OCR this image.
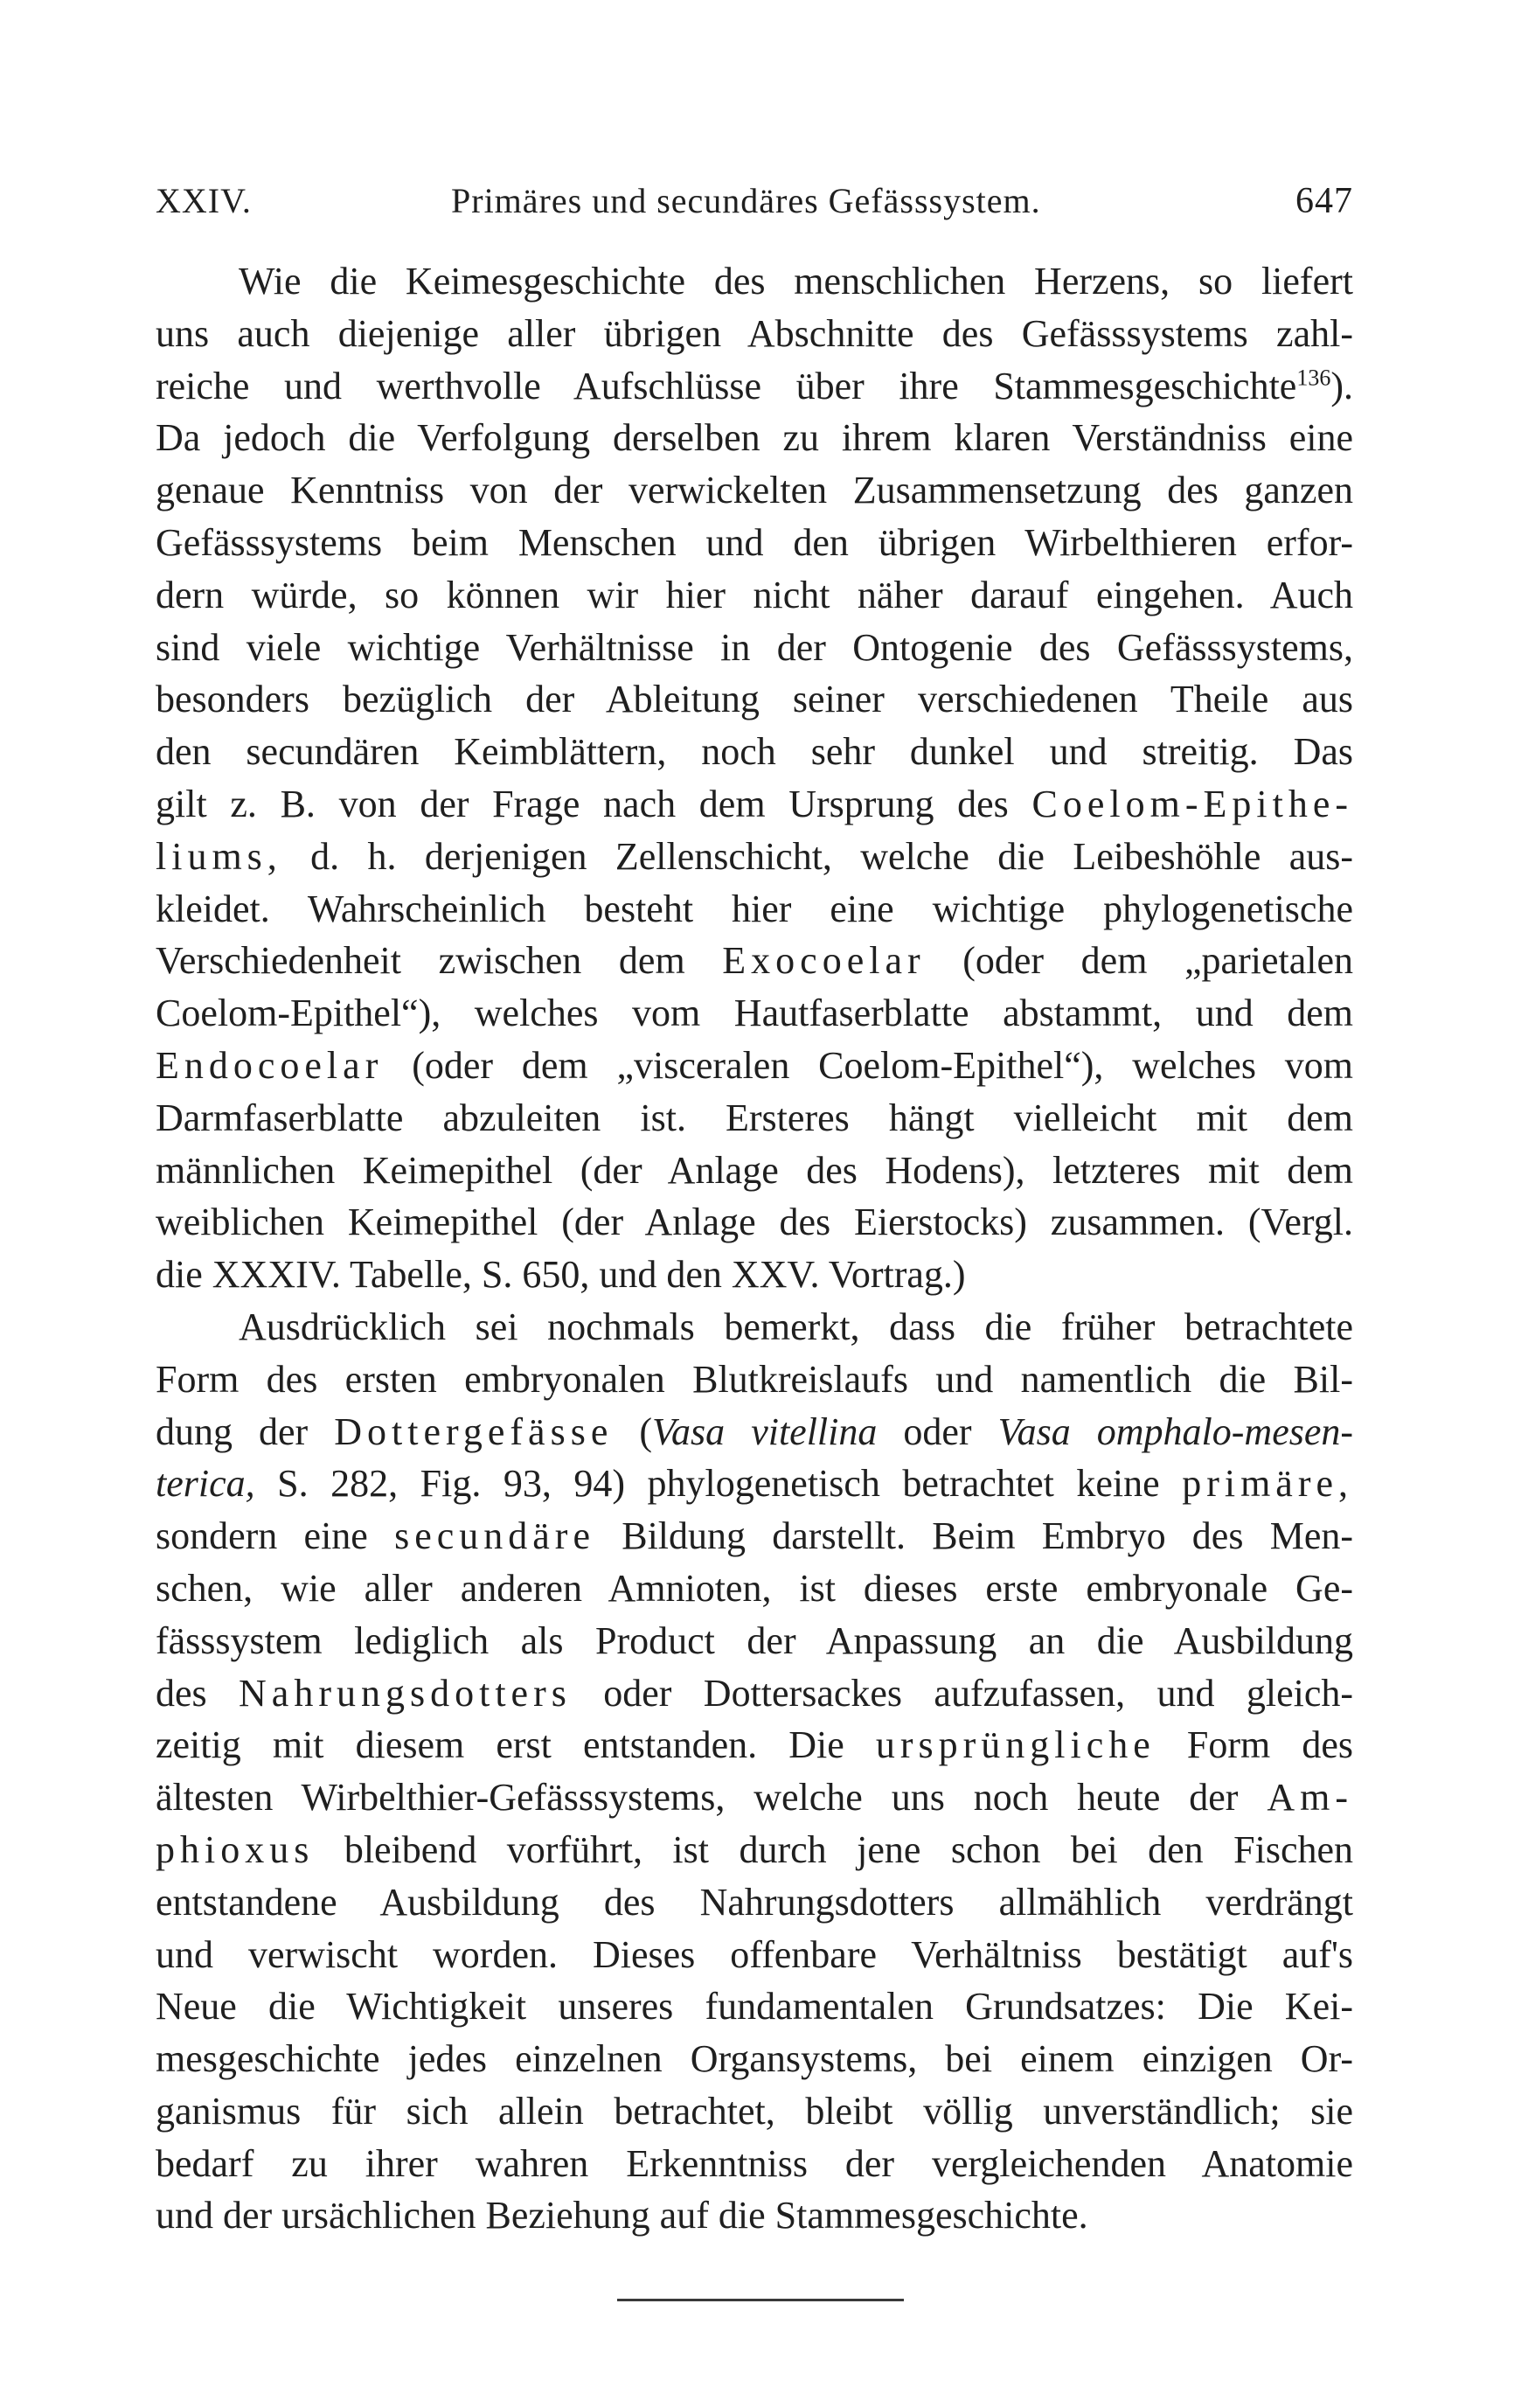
XXIV.	Primäres und secundäres Gefässsystem.	647
Wie die Keimesgeschichte des menschlichen Herzens, so liefert
uns auch diejenige aller übrigen Abschnitte des Gefässsystems zahl-
reiche und werthvolle Aufschlüsse über ihre Stammesgeschichte$^{136}$).
Da jedoch die Verfolgung derselben zu ihrem klaren Verständniss eine
genaue Kenntniss von der verwickelten Zusammensetzung des ganzen
Gefässsystems beim Menschen und den übrigen Wirbelthieren erfor-
dern würde, so können wir hier nicht näher darauf eingehen. Auch
sind viele wichtige Verhältnisse in der Ontogenie des Gefässsystems,
besonders bezüglich der Ableitung seiner verschiedenen Theile aus
den secundären Keimblättern, noch sehr dunkel und streitig. Das
gilt z. B. von der Frage nach dem Ursprung des Coelom-Epithe-
liums, d. h. derjenigen Zellenschicht, welche die Leibeshöhle aus-
kleidet. Wahrscheinlich besteht hier eine wichtige phylogenetische
Verschiedenheit zwischen dem Exocoelar (oder dem „parietalen
Coelom-Epithel“), welches vom Hautfaserblatte abstammt, und dem
Endocoelar (oder dem „visceralen Coelom-Epithel“), welches vom
Darmfaserblatte abzuleiten ist. Ersteres hängt vielleicht mit dem
männlichen Keimepithel (der Anlage des Hodens), letzteres mit dem
weiblichen Keimepithel (der Anlage des Eierstocks) zusammen. (Vergl.
die XXXIV. Tabelle, S. 650, und den XXV. Vortrag.)
Ausdrücklich sei nochmals bemerkt, dass die früher betrachtete
Form des ersten embryonalen Blutkreislaufs und namentlich die Bil-
dung der Dottergefässe (Vasa vitellina oder Vasa omphalo-mesen-
terica, S. 282, Fig. 93, 94) phylogenetisch betrachtet keine primäre,
sondern eine secundäre Bildung darstellt. Beim Embryo des Men-
schen, wie aller anderen Amnioten, ist dieses erste embryonale Ge-
fässsystem lediglich als Product der Anpassung an die Ausbildung
des Nahrungsdotters oder Dottersackes aufzufassen, und gleich-
zeitig mit diesem erst entstanden. Die ursprüngliche Form des
ältesten Wirbelthier-Gefässsystems, welche uns noch heute der Am-
phioxus bleibend vorführt, ist durch jene schon bei den Fischen
entstandene Ausbildung des Nahrungsdotters allmählich verdrängt
und verwischt worden. Dieses offenbare Verhältniss bestätigt auf's
Neue die Wichtigkeit unseres fundamentalen Grundsatzes: Die Kei-
mesgeschichte jedes einzelnen Organsystems, bei einem einzigen Or-
ganismus für sich allein betrachtet, bleibt völlig unverständlich; sie
bedarf zu ihrer wahren Erkenntniss der vergleichenden Anatomie
und der ursächlichen Beziehung auf die Stammesgeschichte.
